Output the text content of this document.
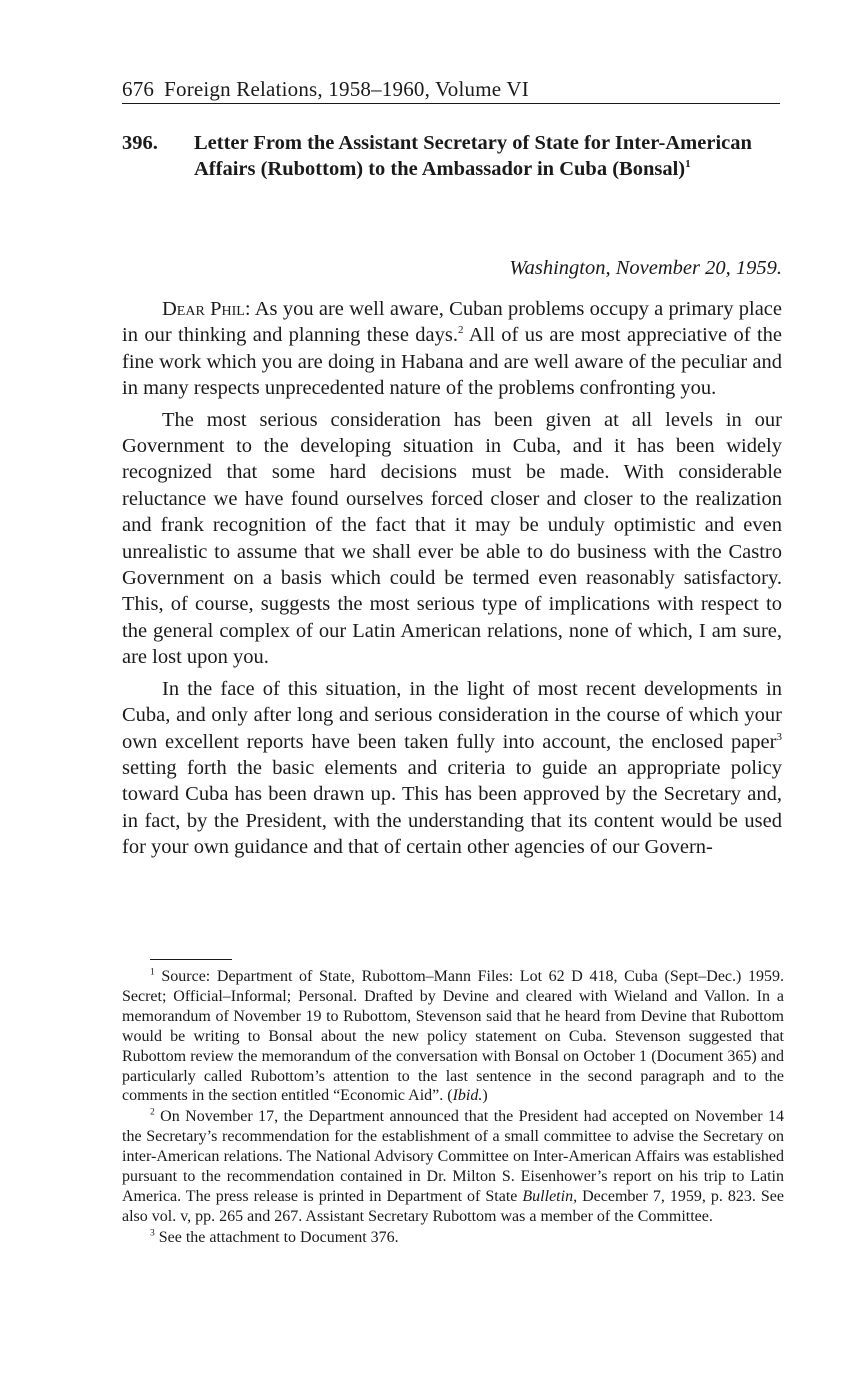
676 Foreign Relations, 1958–1960, Volume VI
396. Letter From the Assistant Secretary of State for Inter-American Affairs (Rubottom) to the Ambassador in Cuba (Bonsal)$^1$
Washington, November 20, 1959.

Dear Phil: As you are well aware, Cuban problems occupy a primary place in our thinking and planning these days.$^2$ All of us are most appreciative of the fine work which you are doing in Habana and are well aware of the peculiar and in many respects unprecedented nature of the problems confronting you.

The most serious consideration has been given at all levels in our Government to the developing situation in Cuba, and it has been widely recognized that some hard decisions must be made. With considerable reluctance we have found ourselves forced closer and closer to the realization and frank recognition of the fact that it may be unduly optimistic and even unrealistic to assume that we shall ever be able to do business with the Castro Government on a basis which could be termed even reasonably satisfactory. This, of course, suggests the most serious type of implications with respect to the general complex of our Latin American relations, none of which, I am sure, are lost upon you.

In the face of this situation, in the light of most recent developments in Cuba, and only after long and serious consideration in the course of which your own excellent reports have been taken fully into account, the enclosed paper$^3$ setting forth the basic elements and criteria to guide an appropriate policy toward Cuba has been drawn up. This has been approved by the Secretary and, in fact, by the President, with the understanding that its content would be used for your own guidance and that of certain other agencies of our Govern-

$^1$ Source: Department of State, Rubottom–Mann Files: Lot 62 D 418, Cuba (Sept–Dec.) 1959. Secret; Official–Informal; Personal. Drafted by Devine and cleared with Wieland and Vallon. In a memorandum of November 19 to Rubottom, Stevenson said that he heard from Devine that Rubottom would be writing to Bonsal about the new policy statement on Cuba. Stevenson suggested that Rubottom review the memorandum of the conversation with Bonsal on October 1 (Document 365) and particularly called Rubottom’s attention to the last sentence in the second paragraph and to the comments in the section entitled “Economic Aid”. (Ibid.)

$^2$ On November 17, the Department announced that the President had accepted on November 14 the Secretary’s recommendation for the establishment of a small committee to advise the Secretary on inter-American relations. The National Advisory Committee on Inter-American Affairs was established pursuant to the recommendation contained in Dr. Milton S. Eisenhower’s report on his trip to Latin America. The press release is printed in Department of State Bulletin, December 7, 1959, p. 823. See also vol. v, pp. 265 and 267. Assistant Secretary Rubottom was a member of the Committee.

$^3$ See the attachment to Document 376.
